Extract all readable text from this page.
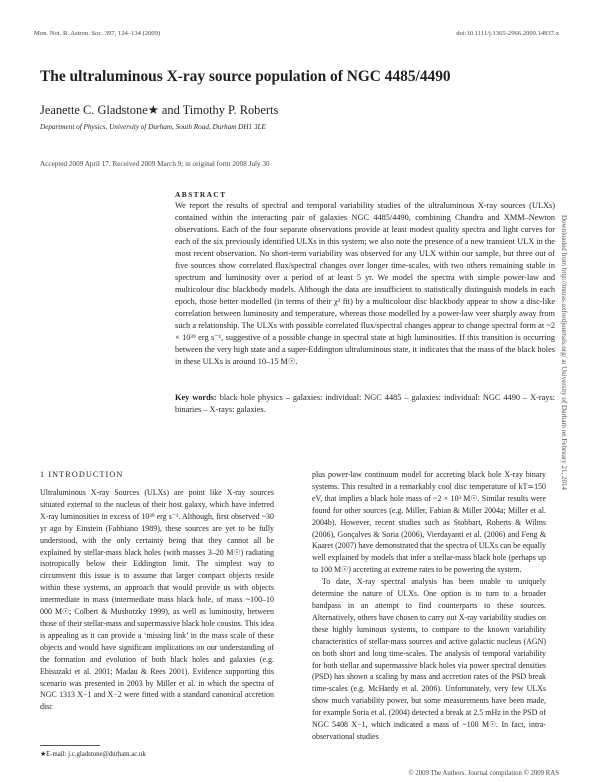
Mon. Not. R. Astron. Soc. 397, 124–134 (2009)	doi:10.1111/j.1365-2966.2009.14937.x
The ultraluminous X-ray source population of NGC 4485/4490
Jeanette C. Gladstone★ and Timothy P. Roberts
Department of Physics, University of Durham, South Road, Durham DH1 3LE
Accepted 2009 April 17. Received 2009 March 9; in original form 2008 July 30
ABSTRACT

We report the results of spectral and temporal variability studies of the ultraluminous X-ray sources (ULXs) contained within the interacting pair of galaxies NGC 4485/4490, combining Chandra and XMM–Newton observations. Each of the four separate observations provide at least modest quality spectra and light curves for each of the six previously identified ULXs in this system; we also note the presence of a new transient ULX in the most recent observation. No short-term variability was observed for any ULX within our sample, but three out of five sources show correlated flux/spectral changes over longer time-scales, with two others remaining stable in spectrum and luminosity over a period of at least 5 yr. We model the spectra with simple power-law and multicolour disc blackbody models. Although the data are insufficient to statistically distinguish models in each epoch, those better modelled (in terms of their χ² fit) by a multicolour disc blackbody appear to show a disc-like correlation between luminosity and temperature, whereas those modelled by a power-law veer sharply away from such a relationship. The ULXs with possible correlated flux/spectral changes appear to change spectral form at ~2 × 10³⁹ erg s⁻¹, suggestive of a possible change in spectral state at high luminosities. If this transition is occurring between the very high state and a super-Eddington ultraluminous state, it indicates that the mass of the black holes in these ULXs is around 10–15 M☉.

Key words: black hole physics – galaxies: individual: NGC 4485 – galaxies: individual: NGC 4490 – X-rays: binaries – X-rays: galaxies.	Downloaded from http://mnras.oxfordjournals.org/ at University of Durham on February 21, 2014
1 INTRODUCTION

Ultraluminous X-ray Sources (ULXs) are point like X-ray sources situated external to the nucleus of their host galaxy, which have inferred X-ray luminosities in excess of 10³⁹ erg s⁻¹. Although, first observed ~30 yr ago by Einstein (Fabbiano 1989), these sources are yet to be fully understood, with the only certainty being that they cannot all be explained by stellar-mass black holes (with masses 3–20 M☉) radiating isotropically below their Eddington limit. The simplest way to circumvent this issue is to assume that larger compact objects reside within these systems, an approach that would provide us with objects intermediate in mass (intermediate mass black hole, of mass ~100–10 000 M☉; Colbert & Mushotzky 1999), as well as luminosity, between those of their stellar-mass and supermassive black hole cousins. This idea is appealing as it can provide a ‘missing link’ in the mass scale of these objects and would have significant implications on our understanding of the formation and evolution of both black holes and galaxies (e.g. Ebisuzaki et al. 2001; Madau & Rees 2001). Evidence supporting this scenario was presented in 2003 by Miller et al. in which the spectra of NGC 1313 X−1 and X−2 were fitted with a standard canonical accretion disc

plus power-law continuum model for accreting black hole X-ray binary systems. This resulted in a remarkably cool disc temperature of kT≃150 eV, that implies a black hole mass of ~2 × 10³ M☉. Similar results were found for other sources (e.g. Miller, Fabian & Miller 2004a; Miller et al. 2004b). However, recent studies such as Stobbart, Roberts & Wilms (2006), Gonçalves & Soria (2006), Vierdayanti et al. (2006) and Feng & Kaaret (2007) have demonstrated that the spectra of ULXs can be equally well explained by models that infer a stellar-mass black hole (perhaps up to 100 M☉) accreting at extreme rates to be powering the system.

To date, X-ray spectral analysis has been unable to uniquely determine the nature of ULXs. One option is to turn to a broader bandpass in an attempt to find counterparts to these sources. Alternatively, others have chosen to carry out X-ray variability studies on these highly luminous systems, to compare to the known variability characteristics of stellar-mass sources and active galactic nucleus (AGN) on both short and long time-scales. The analysis of temporal variability for both stellar and supermassive black holes via power spectral densities (PSD) has shown a scaling by mass and accretion rates of the PSD break time-scales (e.g. McHardy et al. 2006). Unfortunately, very few ULXs show much variability power, but some measurements have been made, for example Soria et al. (2004) detected a break at 2.5 mHz in the PSD of NGC 5408 X−1, which indicated a mass of ~100 M☉. In fact, intra-observational studies

★E-mail: j.c.gladstone@durham.ac.uk
© 2009 The Authors. Journal compilation © 2009 RAS
